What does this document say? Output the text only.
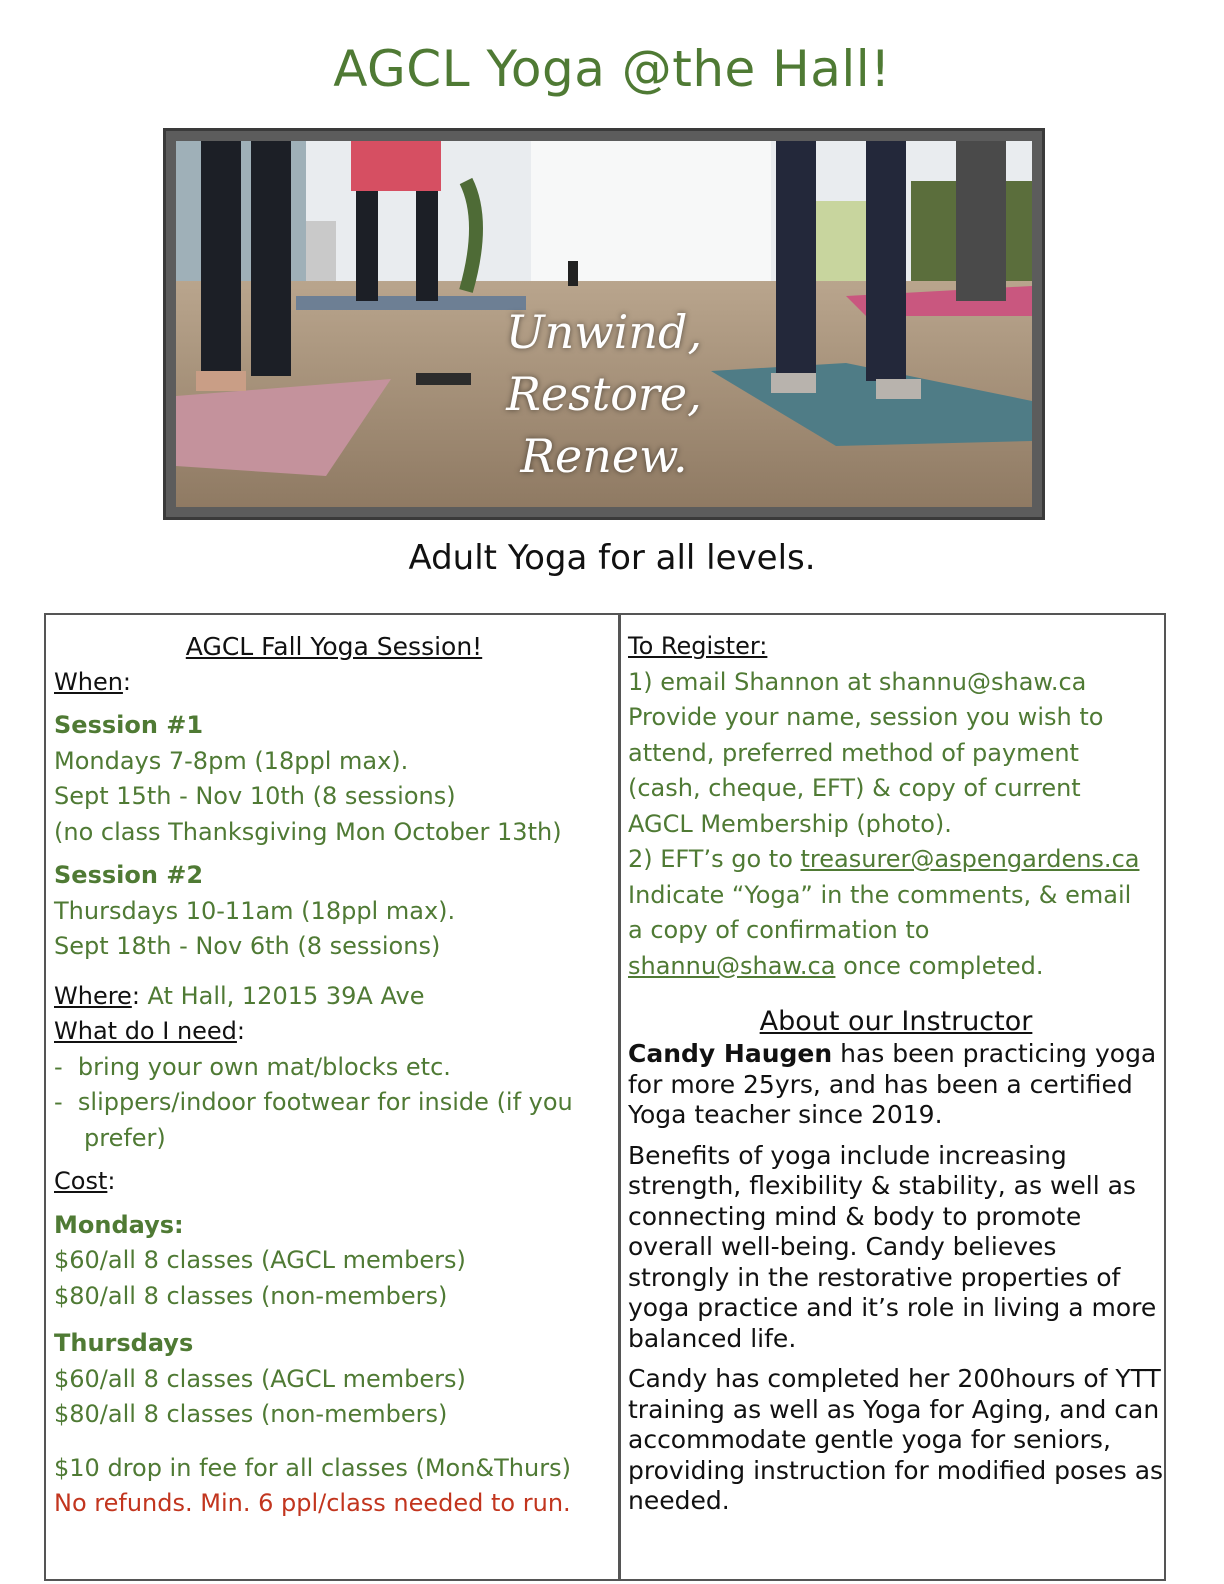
AGCL Yoga @the Hall!
Unwind,
Restore,
Renew.
Adult Yoga for all levels.
AGCL Fall Yoga Session!
When:
Session #1
Mondays 7-8pm (18ppl max).
Sept 15th - Nov 10th (8 sessions)
(no class Thanksgiving Mon October 13th)
Session #2
Thursdays 10-11am (18ppl max).
Sept 18th - Nov 6th (8 sessions)
Where: At Hall, 12015 39A Ave
What do I need:
-  bring your own mat/blocks etc.
-  slippers/indoor footwear for inside (if you prefer)
Cost:
Mondays:
$60/all 8 classes (AGCL members)
$80/all 8 classes (non-members)
Thursdays
$60/all 8 classes (AGCL members)
$80/all 8 classes (non-members)
$10 drop in fee for all classes (Mon&Thurs)
No refunds. Min. 6 ppl/class needed to run.
To Register:
1) email Shannon at shannu@shaw.ca
Provide your name, session you wish to
attend, preferred method of payment
(cash, cheque, EFT) & copy of current
AGCL Membership (photo).
2) EFT’s go to treasurer@aspengardens.ca
Indicate “Yoga” in the comments, & email
a copy of confirmation to
shannu@shaw.ca once completed.
About our Instructor

Candy Haugen has been practicing yoga for more 25yrs, and has been a certified Yoga teacher since 2019.

Benefits of yoga include increasing strength, flexibility & stability, as well as connecting mind & body to promote overall well-being. Candy believes strongly in the restorative properties of yoga practice and it’s role in living a more balanced life.

Candy has completed her 200hours of YTT training as well as Yoga for Aging, and can accommodate gentle yoga for seniors, providing instruction for modified poses as needed.
